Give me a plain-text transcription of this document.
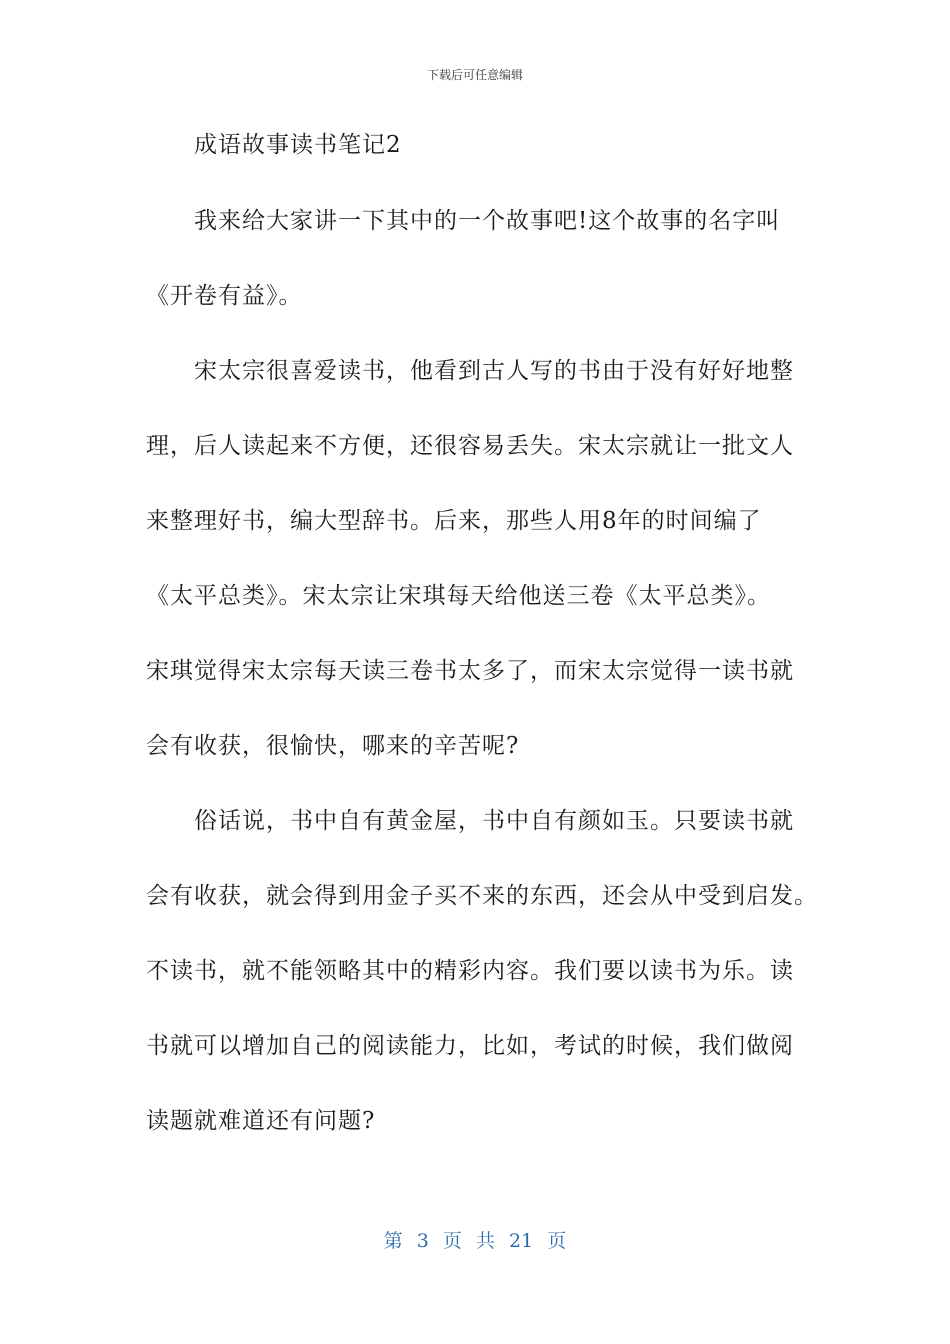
下载后可任意编辑
成语故事读书笔记2
我来给大家讲一下其中的一个故事吧!这个故事的名字叫
《开卷有益》。
宋太宗很喜爱读书，他看到古人写的书由于没有好好地整
理，后人读起来不方便，还很容易丢失。宋太宗就让一批文人
来整理好书，编大型辞书。后来，那些人用8年的时间编了
《太平总类》。宋太宗让宋琪每天给他送三卷《太平总类》。
宋琪觉得宋太宗每天读三卷书太多了，而宋太宗觉得一读书就
会有收获，很愉快，哪来的辛苦呢?
俗话说，书中自有黄金屋，书中自有颜如玉。只要读书就
会有收获，就会得到用金子买不来的东西，还会从中受到启发。
不读书，就不能领略其中的精彩内容。我们要以读书为乐。读
书就可以增加自己的阅读能力，比如，考试的时候，我们做阅
读题就难道还有问题?
第 3 页 共 21 页
